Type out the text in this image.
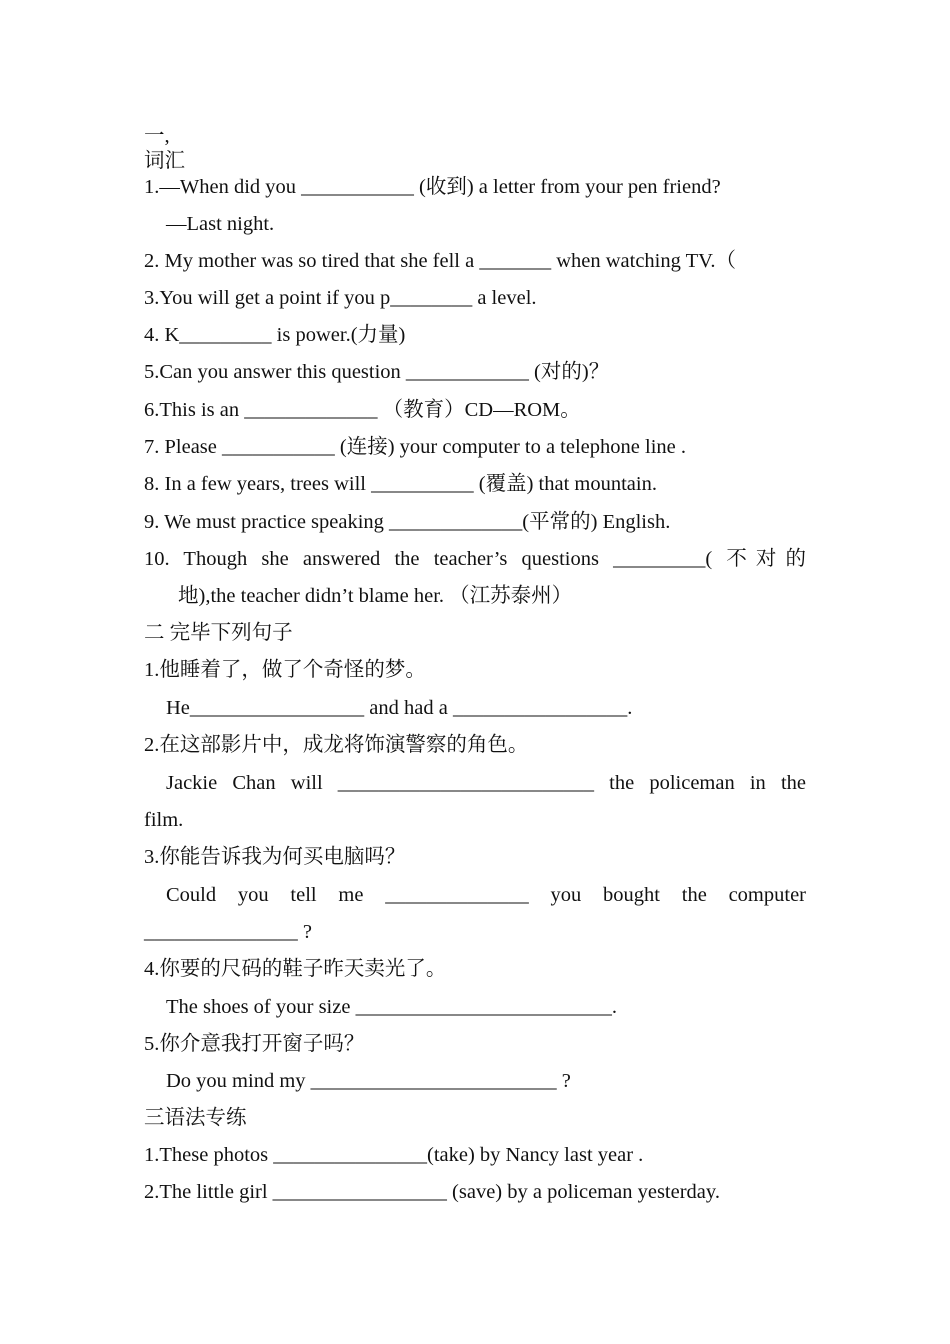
一,
词汇
1.—When did you ___________ (收到) a letter from your pen friend?
—Last night.
2. My mother was so tired that she fell a _______ when watching TV.（
3.You will get a point if you p________ a level.
4. K_________ is power.(力量)
5.Can you answer this question ____________ (对的)？
6.This is an _____________ （教育）CD—ROM。
7. Please ___________ (连接) your computer to a telephone line .
8. In a few years, trees will __________ (覆盖) that mountain.
9. We must practice speaking _____________(平常的) English.
10. Though she answered the teacher’s questions _________( 不对的
地),the teacher didn’t blame her. （江苏泰州）
二 完毕下列句子
1.他睡着了，做了个奇怪的梦。
He_________________ and had a _________________.
2.在这部影片中，成龙将饰演警察的角色。
Jackie Chan will _________________________ the policeman in the
film.
3.你能告诉我为何买电脑吗？
Could you tell me ______________ you bought the computer
_______________ ?
4.你要的尺码的鞋子昨天卖光了。
The shoes of your size _________________________.
5.你介意我打开窗子吗？
Do you mind my ________________________ ?
三语法专练
1.These photos _______________(take) by Nancy last year .
2.The little girl _________________ (save) by a policeman yesterday.
